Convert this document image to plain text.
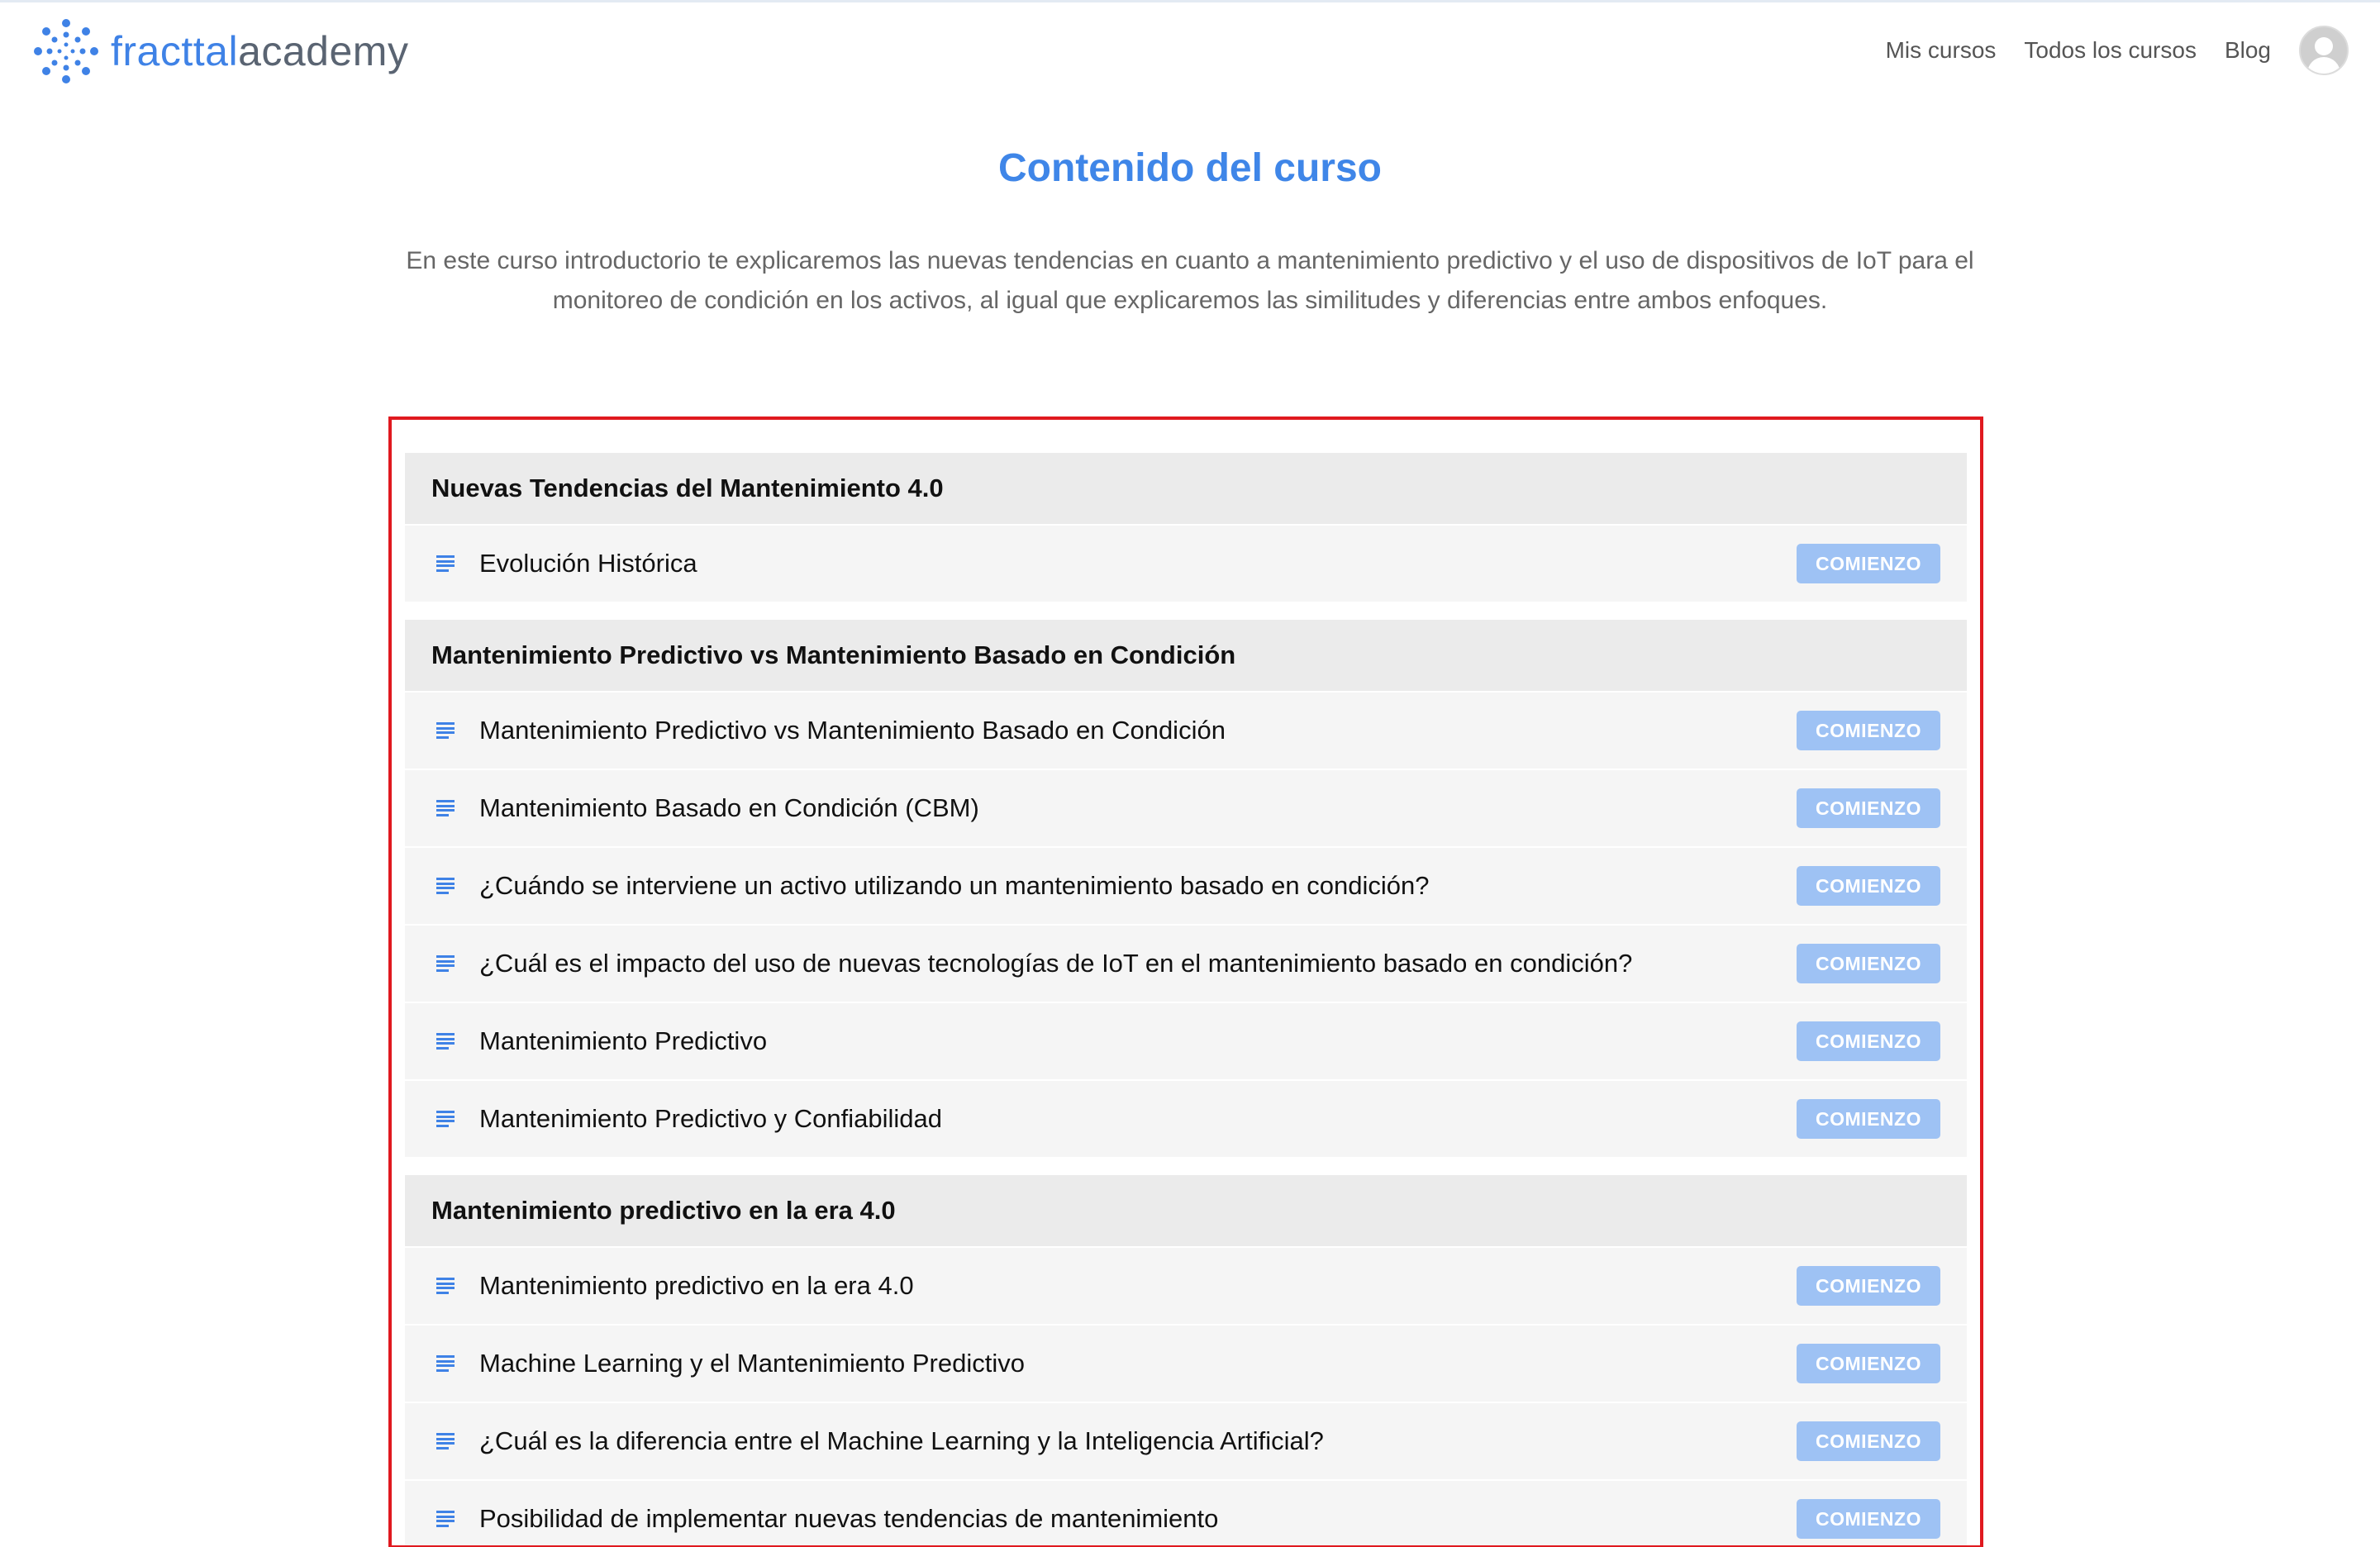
fracttalacademy	Mis cursos Todos los cursos Blog
Contenido del curso
En este curso introductorio te explicaremos las nuevas tendencias en cuanto a mantenimiento predictivo y el uso de dispositivos de IoT para el monitoreo de condición en los activos, al igual que explicaremos las similitudes y diferencias entre ambos enfoques.
Nuevas Tendencias del Mantenimiento 4.0
Evolución Histórica	COMIENZO
Mantenimiento Predictivo vs Mantenimiento Basado en Condición
Mantenimiento Predictivo vs Mantenimiento Basado en Condición	COMIENZO
Mantenimiento Basado en Condición (CBM)	COMIENZO
¿Cuándo se interviene un activo utilizando un mantenimiento basado en condición?	COMIENZO
¿Cuál es el impacto del uso de nuevas tecnologías de IoT en el mantenimiento basado en condición?	COMIENZO
Mantenimiento Predictivo	COMIENZO
Mantenimiento Predictivo y Confiabilidad	COMIENZO
Mantenimiento predictivo en la era 4.0
Mantenimiento predictivo en la era 4.0	COMIENZO
Machine Learning y el Mantenimiento Predictivo	COMIENZO
¿Cuál es la diferencia entre el Machine Learning y la Inteligencia Artificial?	COMIENZO
Posibilidad de implementar nuevas tendencias de mantenimiento	COMIENZO
